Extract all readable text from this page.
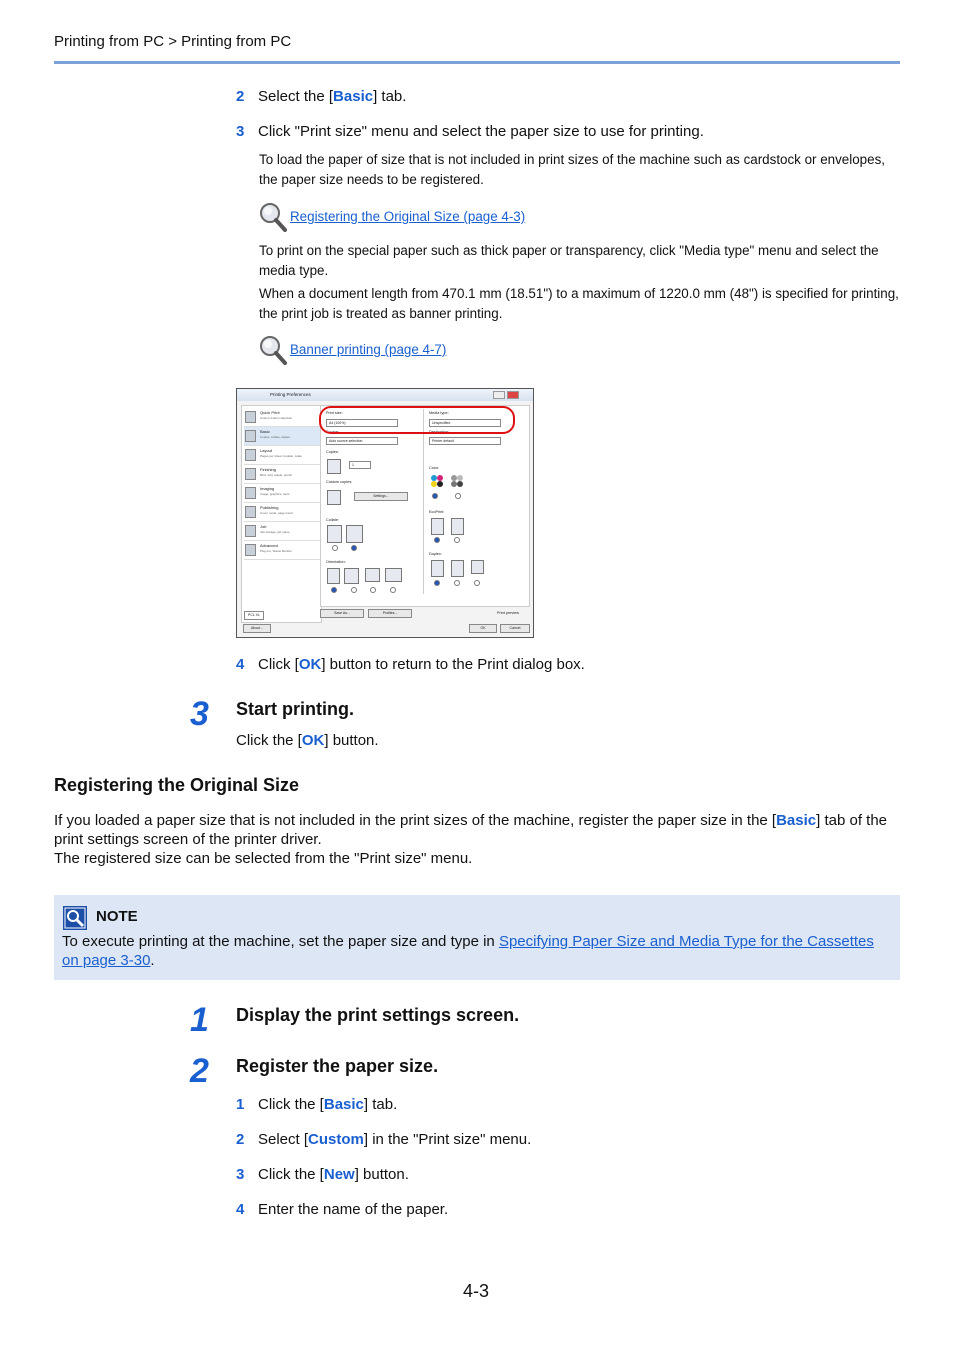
Printing from PC > Printing from PC
2 Select the [Basic] tab.
3 Click "Print size" menu and select the paper size to use for printing.
To load the paper of size that is not included in print sizes of the machine such as cardstock or envelopes, the paper size needs to be registered.
Registering the Original Size (page 4-3)
To print on the special paper such as thick paper or transparency, click "Media type" menu and select the media type.
When a document length from 470.1 mm (18.51") to a maximum of 1220.0 mm (48") is specified for printing, the print job is treated as banner printing.
Banner printing (page 4-7)
Printing Preferences
Quick Print
Custom button selection
Basic
Copies, collate, duplex
Layout
Pages per sheet, booklet, scale
Finishing
Bind, fold, staple, punch
Imaging
Image, graphics, fonts
Publishing
Cover mode, page insert
Job
Job storage, job name
Advanced
Plug-ins, Status Monitor
PCL XL
Print size:
A4 (100%)
Media type:
Unspecified
Source:
Auto source selection
Destination:
Printer default
Copies:
1
Custom copies:
Settings...
Collate:
Orientation:
Color:
EcoPrint:
Duplex:
Save As...	Profiles...	Print preview
About...	OK	Cancel
4 Click [OK] button to return to the Print dialog box.
3 Start printing.
Click the [OK] button.
Registering the Original Size
If you loaded a paper size that is not included in the print sizes of the machine, register the paper size in the [Basic] tab of the print settings screen of the printer driver.
The registered size can be selected from the "Print size" menu.
NOTE
To execute printing at the machine, set the paper size and type in Specifying Paper Size and Media Type for the Cassettes on page 3-30.
1 Display the print settings screen.
2 Register the paper size.
1 Click the [Basic] tab.
2 Select [Custom] in the "Print size" menu.
3 Click the [New] button.
4 Enter the name of the paper.
4-3
